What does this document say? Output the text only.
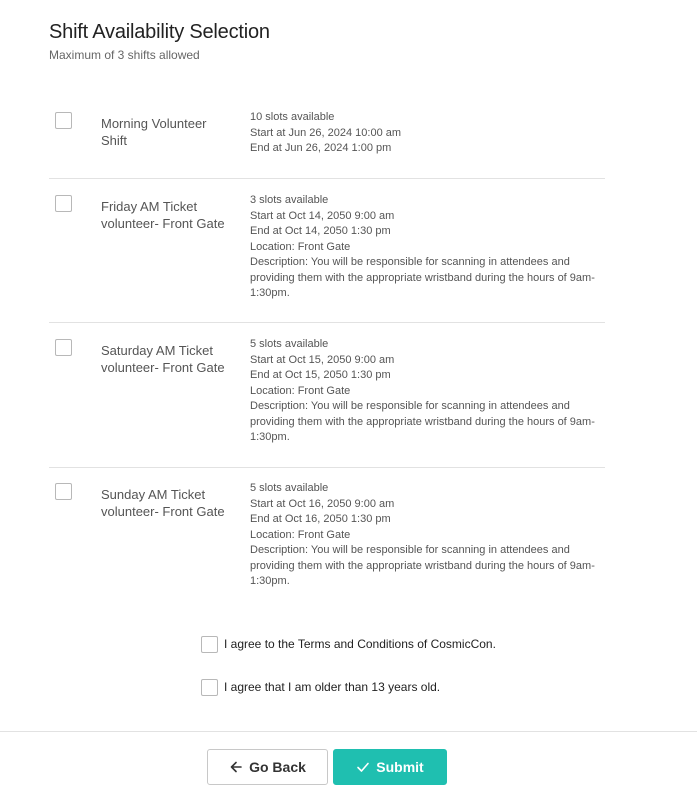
Shift Availability Selection
Maximum of 3 shifts allowed
Morning Volunteer Shift
10 slots available
Start at Jun 26, 2024 10:00 am
End at Jun 26, 2024 1:00 pm
Friday AM Ticket volunteer- Front Gate
3 slots available
Start at Oct 14, 2050 9:00 am
End at Oct 14, 2050 1:30 pm
Location: Front Gate
Description: You will be responsible for scanning in attendees and providing them with the appropriate wristband during the hours of 9am-1:30pm.
Saturday AM Ticket volunteer- Front Gate
5 slots available
Start at Oct 15, 2050 9:00 am
End at Oct 15, 2050 1:30 pm
Location: Front Gate
Description: You will be responsible for scanning in attendees and providing them with the appropriate wristband during the hours of 9am-1:30pm.
Sunday AM Ticket volunteer- Front Gate
5 slots available
Start at Oct 16, 2050 9:00 am
End at Oct 16, 2050 1:30 pm
Location: Front Gate
Description: You will be responsible for scanning in attendees and providing them with the appropriate wristband during the hours of 9am-1:30pm.
I agree to the Terms and Conditions of CosmicCon.
I agree that I am older than 13 years old.
Go Back	Submit
